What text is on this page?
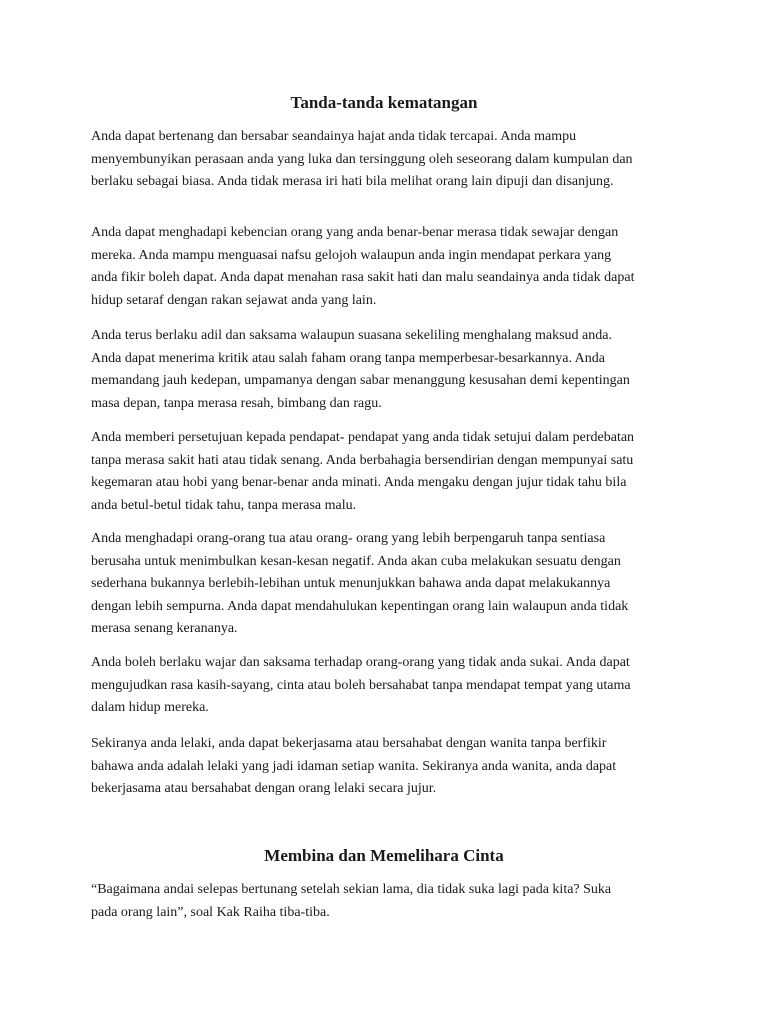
Tanda-tanda kematangan

Anda dapat bertenang dan bersabar seandainya hajat anda tidak tercapai. Anda mampu
menyembunyikan perasaan anda yang luka dan tersinggung oleh seseorang dalam kumpulan dan
berlaku sebagai biasa. Anda tidak merasa iri hati bila melihat orang lain dipuji dan disanjung.

Anda dapat menghadapi kebencian orang yang anda benar-benar merasa tidak sewajar dengan
mereka. Anda mampu menguasai nafsu gelojoh walaupun anda ingin mendapat perkara yang
anda fikir boleh dapat. Anda dapat menahan rasa sakit hati dan malu seandainya anda tidak dapat
hidup setaraf dengan rakan sejawat anda yang lain.

Anda terus berlaku adil dan saksama walaupun suasana sekeliling menghalang maksud anda.
Anda dapat menerima kritik atau salah faham orang tanpa memperbesar-besarkannya. Anda
memandang jauh kedepan, umpamanya dengan sabar menanggung kesusahan demi kepentingan
masa depan, tanpa merasa resah, bimbang dan ragu.

Anda memberi persetujuan kepada pendapat- pendapat yang anda tidak setujui dalam perdebatan
tanpa merasa sakit hati atau tidak senang. Anda berbahagia bersendirian dengan mempunyai satu
kegemaran atau hobi yang benar-benar anda minati. Anda mengaku dengan jujur tidak tahu bila
anda betul-betul tidak tahu, tanpa merasa malu.

Anda menghadapi orang-orang tua atau orang- orang yang lebih berpengaruh tanpa sentiasa
berusaha untuk menimbulkan kesan-kesan negatif. Anda akan cuba melakukan sesuatu dengan
sederhana bukannya berlebih-lebihan untuk menunjukkan bahawa anda dapat melakukannya
dengan lebih sempurna. Anda dapat mendahulukan kepentingan orang lain walaupun anda tidak
merasa senang kerananya.

Anda boleh berlaku wajar dan saksama terhadap orang-orang yang tidak anda sukai. Anda dapat
mengujudkan rasa kasih-sayang, cinta atau boleh bersahabat tanpa mendapat tempat yang utama
dalam hidup mereka.

Sekiranya anda lelaki, anda dapat bekerjasama atau bersahabat dengan wanita tanpa berfikir
bahawa anda adalah lelaki yang jadi idaman setiap wanita. Sekiranya anda wanita, anda dapat
bekerjasama atau bersahabat dengan orang lelaki secara jujur.

Membina dan Memelihara Cinta

“Bagaimana andai selepas bertunang setelah sekian lama, dia tidak suka lagi pada kita? Suka
pada orang lain”, soal Kak Raiha tiba-tiba.
